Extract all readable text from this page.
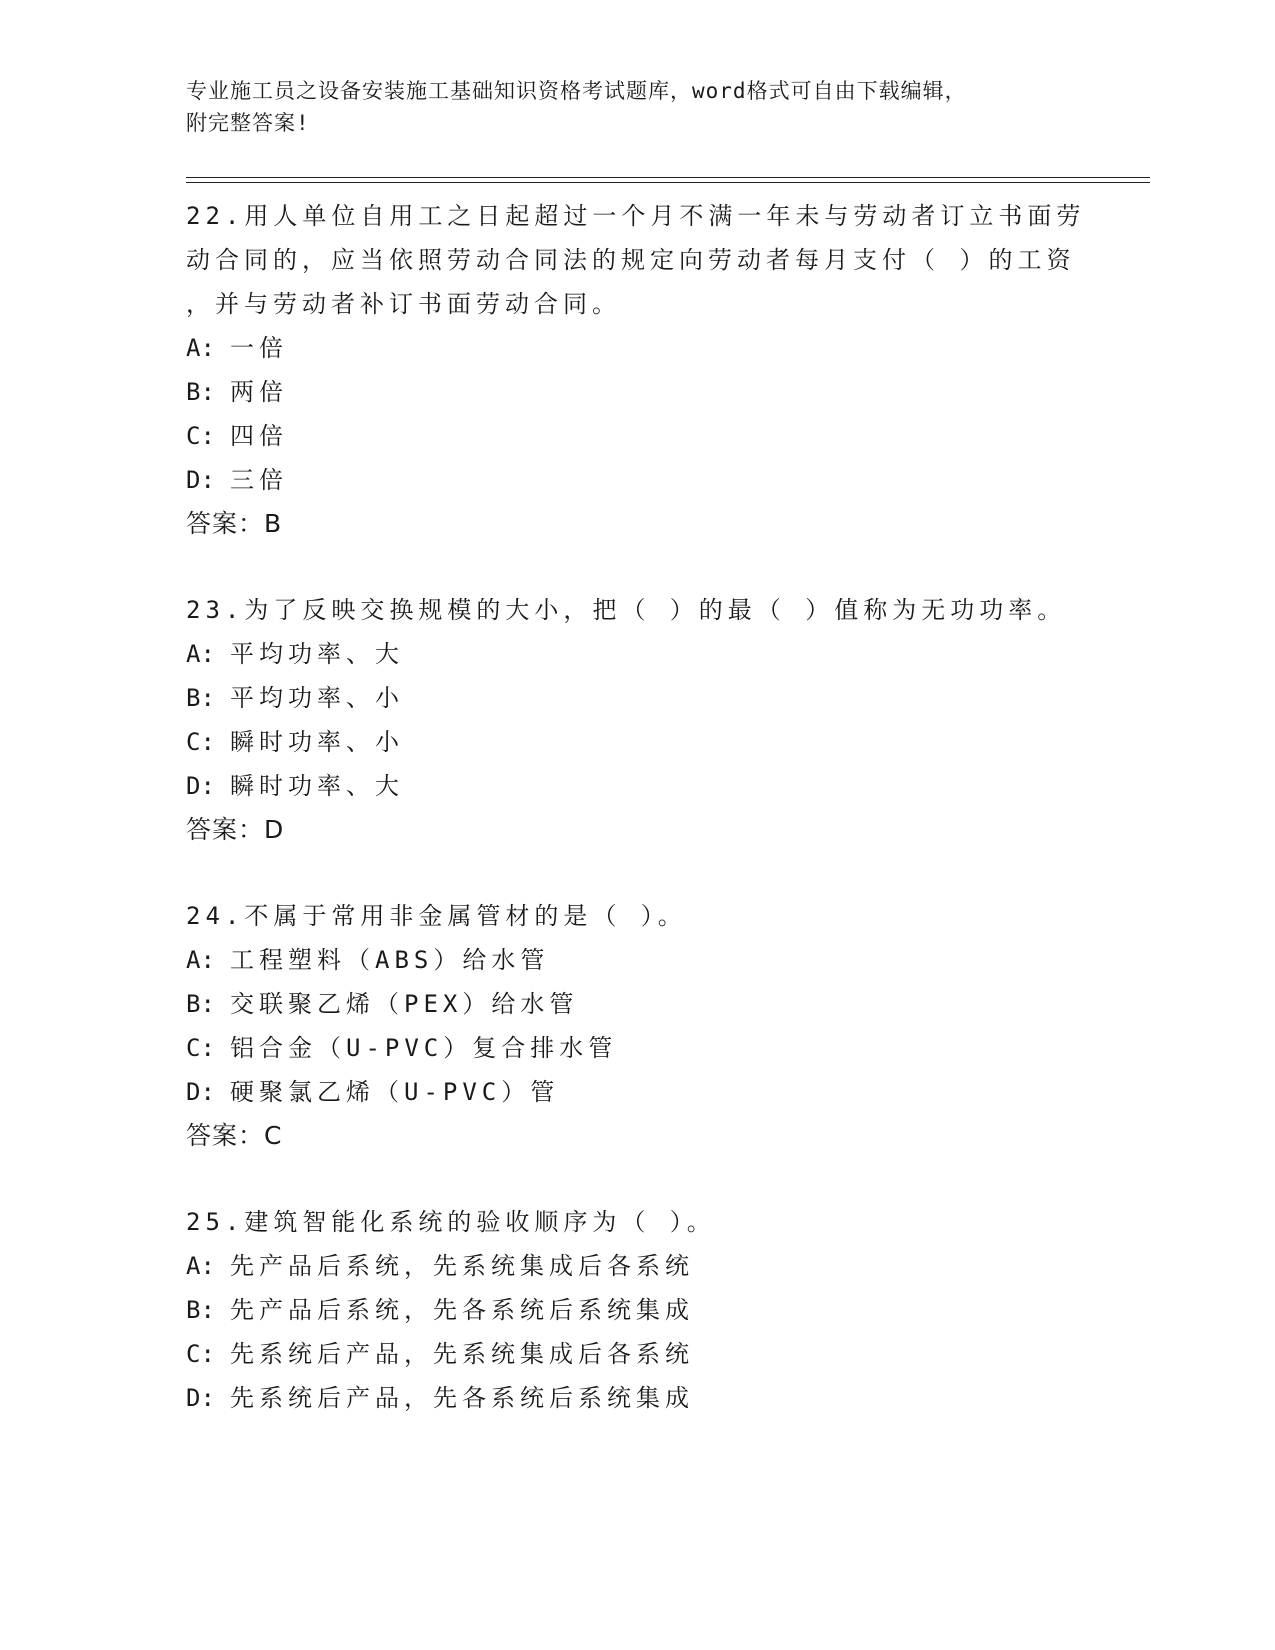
专业施工员之设备安装施工基础知识资格考试题库，word格式可自由下载编辑，
附完整答案!
22.用人单位自用工之日起超过一个月不满一年未与劳动者订立书面劳
动合同的，应当依照劳动合同法的规定向劳动者每月支付（ ）的工资
，并与劳动者补订书面劳动合同。
A: 一倍
B: 两倍
C: 四倍
D: 三倍
答案：B
23.为了反映交换规模的大小，把（ ）的最（ ）值称为无功功率。
A: 平均功率、大
B: 平均功率、小
C: 瞬时功率、小
D: 瞬时功率、大
答案：D
24.不属于常用非金属管材的是（ ）。
A: 工程塑料（ABS）给水管
B: 交联聚乙烯（PEX）给水管
C: 铝合金（U-PVC）复合排水管
D: 硬聚氯乙烯（U-PVC）管
答案：C
25.建筑智能化系统的验收顺序为（ ）。
A: 先产品后系统，先系统集成后各系统
B: 先产品后系统，先各系统后系统集成
C: 先系统后产品，先系统集成后各系统
D: 先系统后产品，先各系统后系统集成
